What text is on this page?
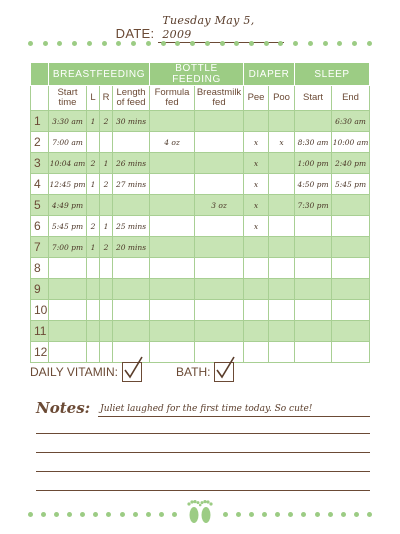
DATE: Tuesday May 5, 2009
	BREASTFEEDING				BOTTLE FEEDING		DIAPER		SLEEP	
	Start time	L	R	Length of feed	Formula fed	Breastmilk fed	Pee	Poo	Start	End
1	3:30 am	1	2	30 mins						6:30 am
2	7:00 am				4 oz		x	x	8:30 am	10:00 am
3	10:04 am	2	1	26 mins			x		1:00 pm	2:40 pm
4	12:45 pm	1	2	27 mins			x		4:50 pm	5:45 pm
5	4:49 pm					3 oz	x		7:30 pm	
6	5:45 pm	2	1	25 mins			x			
7	7:00 pm	1	2	20 mins						
8										
9										
10										
11										
12										
DAILY VITAMIN:	BATH:
Notes: Juliet laughed for the first time today. So cute!
